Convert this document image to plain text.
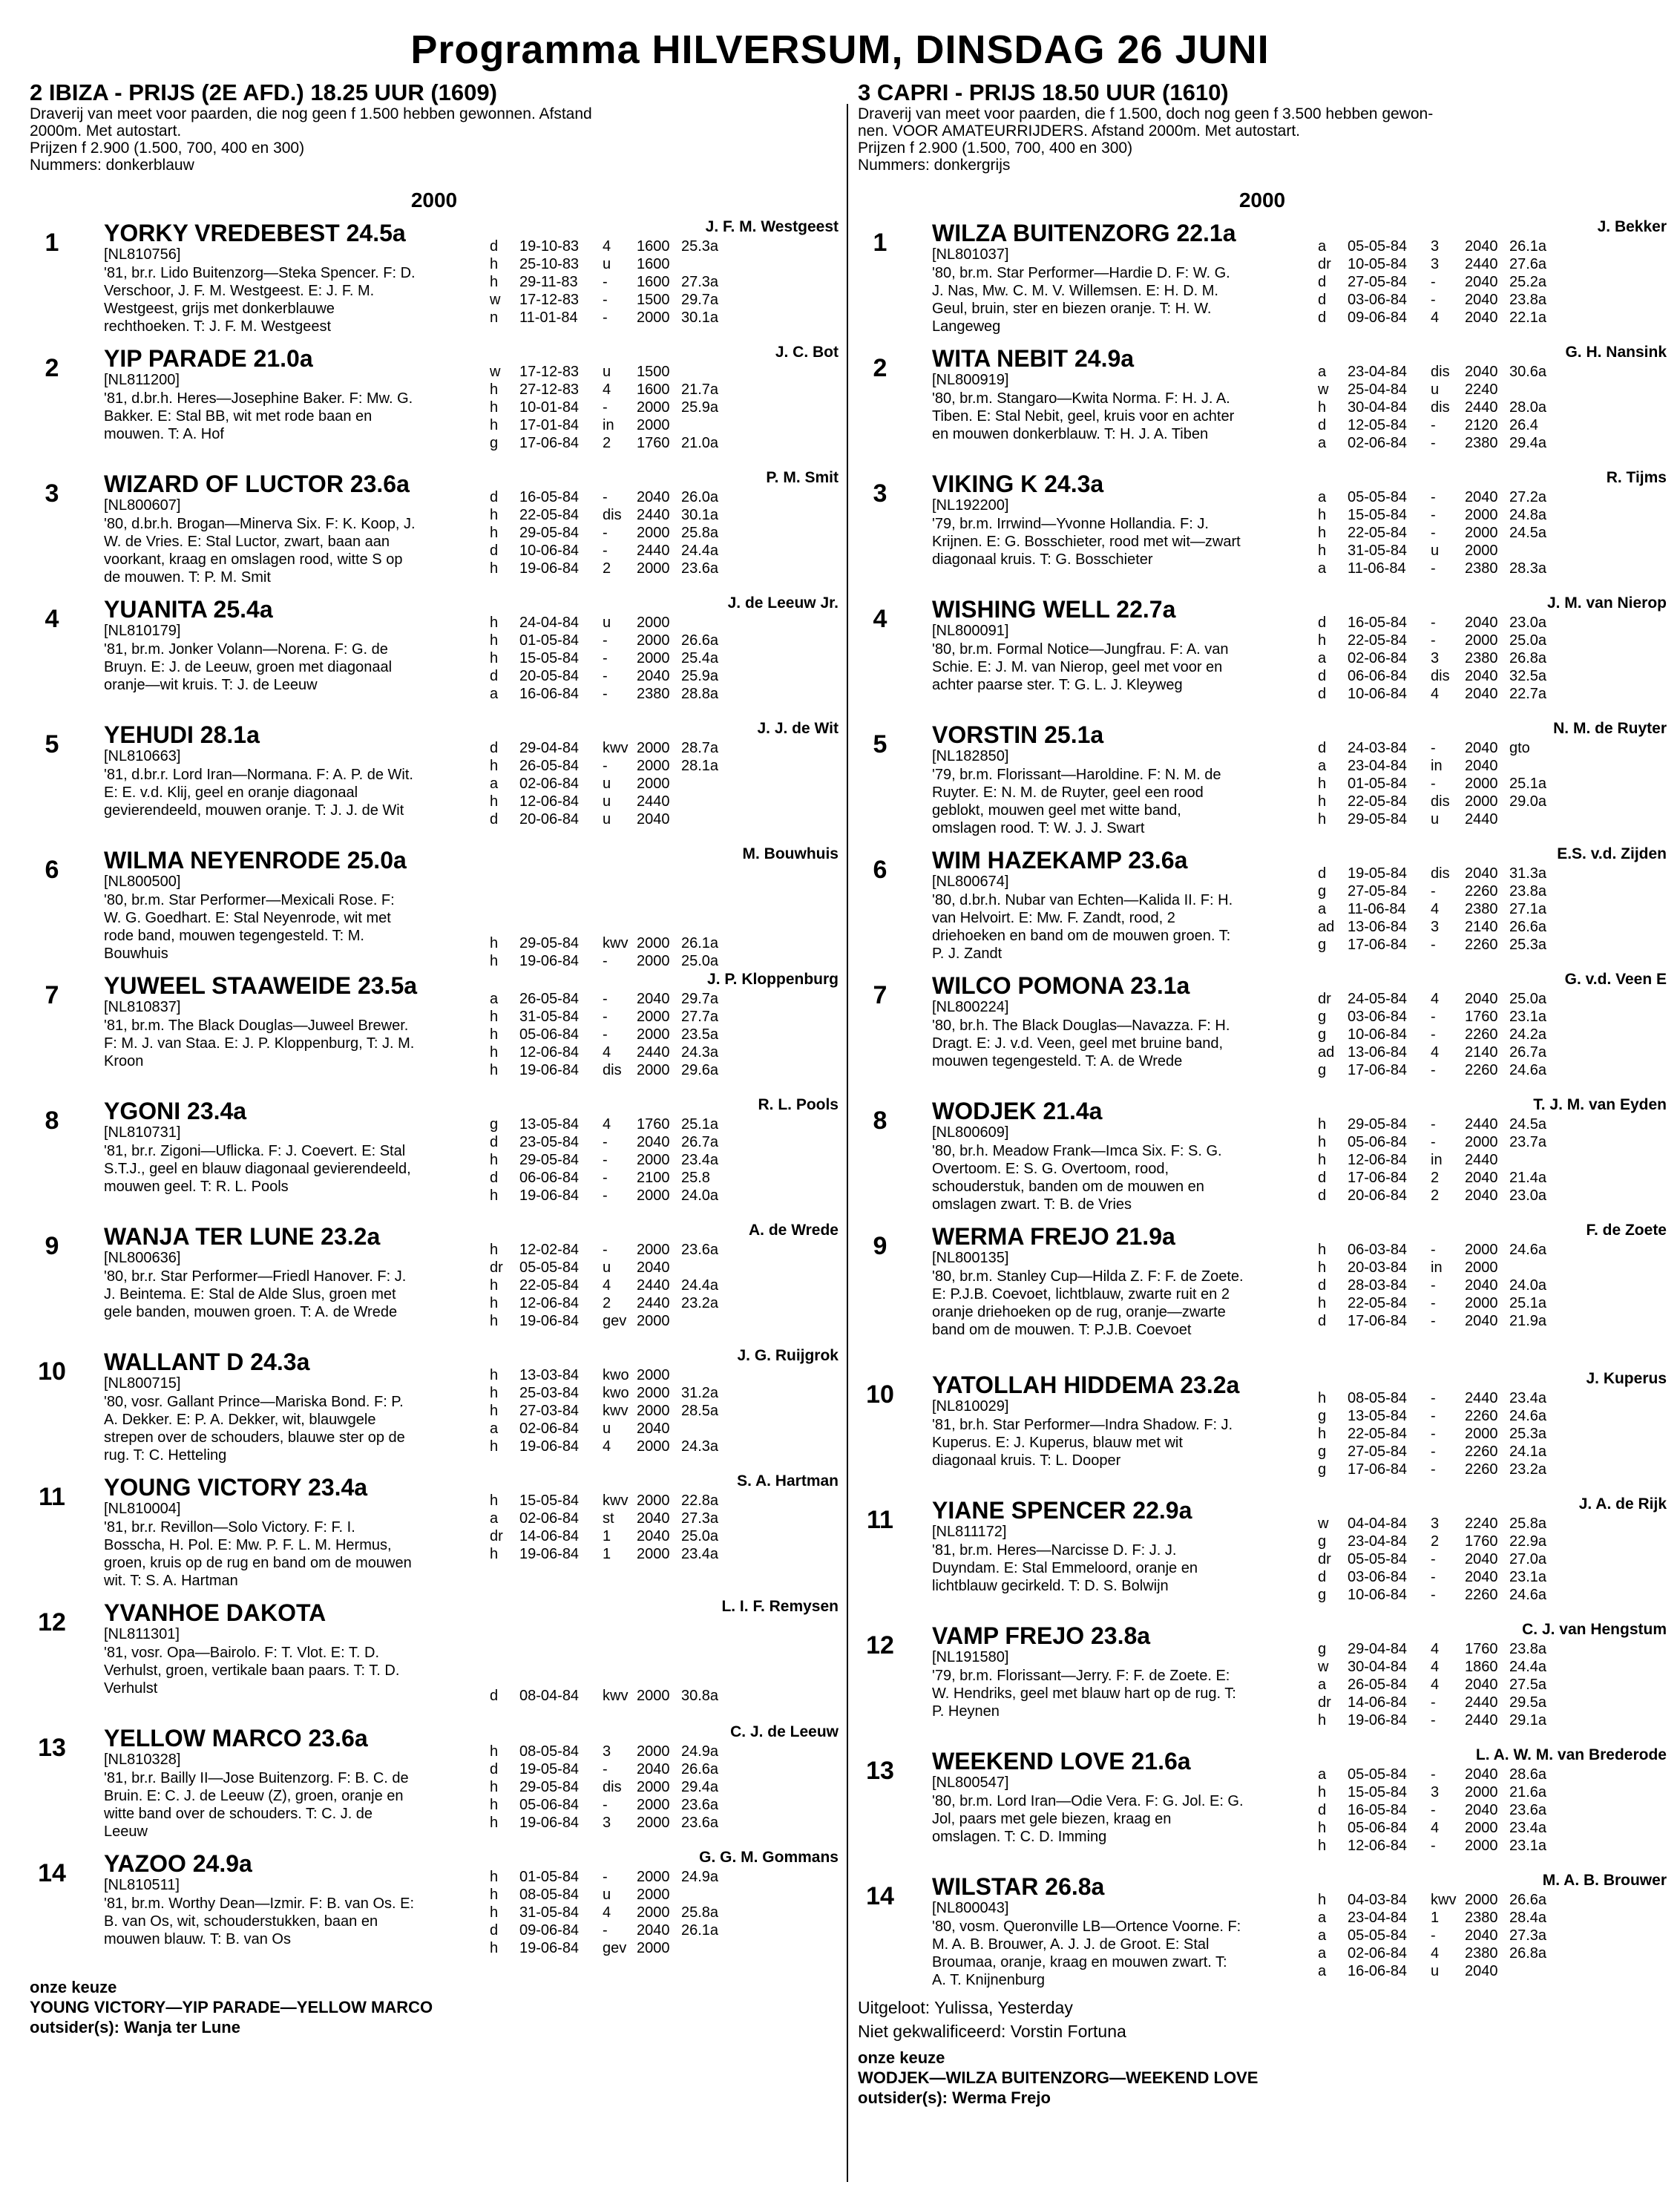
Programma HILVERSUM, DINSDAG 26 JUNI
2 IBIZA - PRIJS (2E AFD.) 18.25 UUR (1609)
Draverij van meet voor paarden, die nog geen f 1.500 hebben gewonnen. Afstand
2000m. Met autostart.
Prijzen f 2.900 (1.500, 700, 400 en 300)
Nummers: donkerblauw
2000
1	YORKY VREDEBEST 24.5a
[NL810756]
'81, br.r. Lido Buitenzorg—Steka Spencer. F: D. Verschoor, J. F. M. Westgeest. E: J. F. M. Westgeest, grijs met donkerblauwe rechthoeken. T: J. F. M. Westgeest
J. F. M. Westgeest
d 19-10-83 4 1600 25.3a
h 25-10-83 u 1600
h 29-11-83 - 1600 27.3a
w 17-12-83 - 1500 29.7a
n 11-01-84 - 2000 30.1a
2	YIP PARADE 21.0a
[NL811200]
'81, d.br.h. Heres—Josephine Baker. F: Mw. G. Bakker. E: Stal BB, wit met rode baan en mouwen. T: A. Hof
J. C. Bot
w 17-12-83 u 1500
h 27-12-83 4 1600 21.7a
h 10-01-84 - 2000 25.9a
h 17-01-84 in 2000
g 17-06-84 2 1760 21.0a
3	WIZARD OF LUCTOR 23.6a
[NL800607]
'80, d.br.h. Brogan—Minerva Six. F: K. Koop, J. W. de Vries. E: Stal Luctor, zwart, baan aan voorkant, kraag en omslagen rood, witte S op de mouwen. T: P. M. Smit
P. M. Smit
d 16-05-84 - 2040 26.0a
h 22-05-84 dis 2440 30.1a
h 29-05-84 - 2000 25.8a
d 10-06-84 - 2440 24.4a
h 19-06-84 2 2000 23.6a
4	YUANITA 25.4a
[NL810179]
'81, br.m. Jonker Volann—Norena. F: G. de Bruyn. E: J. de Leeuw, groen met diagonaal oranje—wit kruis. T: J. de Leeuw
J. de Leeuw Jr.
h 24-04-84 u 2000
h 01-05-84 - 2000 26.6a
h 15-05-84 - 2000 25.4a
d 20-05-84 - 2040 25.9a
a 16-06-84 - 2380 28.8a
5	YEHUDI 28.1a
[NL810663]
'81, d.br.r. Lord Iran—Normana. F: A. P. de Wit. E: E. v.d. Klij, geel en oranje diagonaal gevierendeeld, mouwen oranje. T: J. J. de Wit
J. J. de Wit
d 29-04-84 kwv 2000 28.7a
h 26-05-84 - 2000 28.1a
a 02-06-84 u 2000
h 12-06-84 u 2440
d 20-06-84 u 2040
6	WILMA NEYENRODE 25.0a
[NL800500]
'80, br.m. Star Performer—Mexicali Rose. F: W. G. Goedhart. E: Stal Neyenrode, wit met rode band, mouwen tegengesteld. T: M. Bouwhuis
M. Bouwhuis
h 29-05-84 kwv 2000 26.1a
h 19-06-84 - 2000 25.0a
7	YUWEEL STAAWEIDE 23.5a
[NL810837]
'81, br.m. The Black Douglas—Juweel Brewer. F: M. J. van Staa. E: J. P. Kloppenburg, T: J. M. Kroon
J. P. Kloppenburg
a 26-05-84 - 2040 29.7a
h 31-05-84 - 2000 27.7a
h 05-06-84 - 2000 23.5a
h 12-06-84 4 2440 24.3a
h 19-06-84 dis 2000 29.6a
8	YGONI 23.4a
[NL810731]
'81, br.r. Zigoni—Uflicka. F: J. Coevert. E: Stal S.T.J., geel en blauw diagonaal gevierendeeld, mouwen geel. T: R. L. Pools
R. L. Pools
g 13-05-84 4 1760 25.1a
d 23-05-84 - 2040 26.7a
h 29-05-84 - 2000 23.4a
d 06-06-84 - 2100 25.8
h 19-06-84 - 2000 24.0a
9	WANJA TER LUNE 23.2a
[NL800636]
'80, br.r. Star Performer—Friedl Hanover. F: J. J. Beintema. E: Stal de Alde Slus, groen met gele banden, mouwen groen. T: A. de Wrede
A. de Wrede
h 12-02-84 - 2000 23.6a
dr 05-05-84 u 2040
h 22-05-84 4 2440 24.4a
h 12-06-84 2 2440 23.2a
h 19-06-84 gev 2000
10	WALLANT D 24.3a
[NL800715]
'80, vosr. Gallant Prince—Mariska Bond. F: P. A. Dekker. E: P. A. Dekker, wit, blauwgele strepen over de schouders, blauwe ster op de rug. T: C. Hetteling
J. G. Ruijgrok
h 13-03-84 kwo 2000
h 25-03-84 kwo 2000 31.2a
h 27-03-84 kwv 2000 28.5a
a 02-06-84 u 2040
h 19-06-84 4 2000 24.3a
11	YOUNG VICTORY 23.4a
[NL810004]
'81, br.r. Revillon—Solo Victory. F: F. I. Bosscha, H. Pol. E: Mw. P. F. L. M. Hermus, groen, kruis op de rug en band om de mouwen wit. T: S. A. Hartman
S. A. Hartman
h 15-05-84 kwv 2000 22.8a
a 02-06-84 st 2040 27.3a
dr 14-06-84 1 2040 25.0a
h 19-06-84 1 2000 23.4a
12	YVANHOE DAKOTA
[NL811301]
'81, vosr. Opa—Bairolo. F: T. Vlot. E: T. D. Verhulst, groen, vertikale baan paars. T: T. D. Verhulst
L. I. F. Remysen
d 08-04-84 kwv 2000 30.8a
13	YELLOW MARCO 23.6a
[NL810328]
'81, br.r. Bailly II—Jose Buitenzorg. F: B. C. de Bruin. E: C. J. de Leeuw (Z), groen, oranje en witte band over de schouders. T: C. J. de Leeuw
C. J. de Leeuw
h 08-05-84 3 2000 24.9a
d 19-05-84 - 2040 26.6a
h 29-05-84 dis 2000 29.4a
h 05-06-84 - 2000 23.6a
h 19-06-84 3 2000 23.6a
14	YAZOO 24.9a
[NL810511]
'81, br.m. Worthy Dean—Izmir. F: B. van Os. E: B. van Os, wit, schouderstukken, baan en mouwen blauw. T: B. van Os
G. G. M. Gommans
h 01-05-84 - 2000 24.9a
h 08-05-84 u 2000
h 31-05-84 4 2000 25.8a
d 09-06-84 - 2040 26.1a
h 19-06-84 gev 2000
onze keuze
YOUNG VICTORY—YIP PARADE—YELLOW MARCO
outsider(s): Wanja ter Lune
3 CAPRI - PRIJS 18.50 UUR (1610)
Draverij van meet voor paarden, die f 1.500, doch nog geen f 3.500 hebben gewon-
nen. VOOR AMATEURRIJDERS. Afstand 2000m. Met autostart.
Prijzen f 2.900 (1.500, 700, 400 en 300)
Nummers: donkergrijs
2000
1	WILZA BUITENZORG 22.1a
[NL801037]
'80, br.m. Star Performer—Hardie D. F: W. G. J. Nas, Mw. C. M. V. Willemsen. E: H. D. M. Geul, bruin, ster en biezen oranje. T: H. W. Langeweg
J. Bekker
a 05-05-84 3 2040 26.1a
dr 10-05-84 3 2440 27.6a
d 27-05-84 - 2040 25.2a
d 03-06-84 - 2040 23.8a
d 09-06-84 4 2040 22.1a
2	WITA NEBIT 24.9a
[NL800919]
'80, br.m. Stangaro—Kwita Norma. F: H. J. A. Tiben. E: Stal Nebit, geel, kruis voor en achter en mouwen donkerblauw. T: H. J. A. Tiben
G. H. Nansink
a 23-04-84 dis 2040 30.6a
w 25-04-84 u 2240
h 30-04-84 dis 2440 28.0a
d 12-05-84 - 2120 26.4
a 02-06-84 - 2380 29.4a
3	VIKING K 24.3a
[NL192200]
'79, br.m. Irrwind—Yvonne Hollandia. F: J. Krijnen. E: G. Bosschieter, rood met wit—zwart diagonaal kruis. T: G. Bosschieter
R. Tijms
a 05-05-84 - 2040 27.2a
h 15-05-84 - 2000 24.8a
h 22-05-84 - 2000 24.5a
h 31-05-84 u 2000
a 11-06-84 - 2380 28.3a
4	WISHING WELL 22.7a
[NL800091]
'80, br.m. Formal Notice—Jungfrau. F: A. van Schie. E: J. M. van Nierop, geel met voor en achter paarse ster. T: G. L. J. Kleyweg
J. M. van Nierop
d 16-05-84 - 2040 23.0a
h 22-05-84 - 2000 25.0a
a 02-06-84 3 2380 26.8a
d 06-06-84 dis 2040 32.5a
d 10-06-84 4 2040 22.7a
5	VORSTIN 25.1a
[NL182850]
'79, br.m. Florissant—Haroldine. F: N. M. de Ruyter. E: N. M. de Ruyter, geel een rood geblokt, mouwen geel met witte band, omslagen rood. T: W. J. J. Swart
N. M. de Ruyter
d 24-03-84 - 2040 gto
a 23-04-84 in 2040
h 01-05-84 - 2000 25.1a
h 22-05-84 dis 2000 29.0a
h 29-05-84 u 2440
6	WIM HAZEKAMP 23.6a
[NL800674]
'80, d.br.h. Nubar van Echten—Kalida II. F: H. van Helvoirt. E: Mw. F. Zandt, rood, 2 driehoeken en band om de mouwen groen. T: P. J. Zandt
E.S. v.d. Zijden
d 19-05-84 dis 2040 31.3a
g 27-05-84 - 2260 23.8a
a 11-06-84 4 2380 27.1a
ad 13-06-84 3 2140 26.6a
g 17-06-84 - 2260 25.3a
7	WILCO POMONA 23.1a
[NL800224]
'80, br.h. The Black Douglas—Navazza. F: H. Dragt. E: J. v.d. Veen, geel met bruine band, mouwen tegengesteld. T: A. de Wrede
G. v.d. Veen E
dr 24-05-84 4 2040 25.0a
g 03-06-84 - 1760 23.1a
g 10-06-84 - 2260 24.2a
ad 13-06-84 4 2140 26.7a
g 17-06-84 - 2260 24.6a
8	WODJEK 21.4a
[NL800609]
'80, br.h. Meadow Frank—Imca Six. F: S. G. Overtoom. E: S. G. Overtoom, rood, schouderstuk, banden om de mouwen en omslagen zwart. T: B. de Vries
T. J. M. van Eyden
h 29-05-84 - 2440 24.5a
h 05-06-84 - 2000 23.7a
h 12-06-84 in 2440
d 17-06-84 2 2040 21.4a
d 20-06-84 2 2040 23.0a
9	WERMA FREJO 21.9a
[NL800135]
'80, br.m. Stanley Cup—Hilda Z. F: F. de Zoete. E: P.J.B. Coevoet, lichtblauw, zwarte ruit en 2 oranje driehoeken op de rug, oranje—zwarte band om de mouwen. T: P.J.B. Coevoet
F. de Zoete
h 06-03-84 - 2000 24.6a
h 20-03-84 in 2000
d 28-03-84 - 2040 24.0a
h 22-05-84 - 2000 25.1a
d 17-06-84 - 2040 21.9a
10	YATOLLAH HIDDEMA 23.2a
[NL810029]
'81, br.h. Star Performer—Indra Shadow. F: J. Kuperus. E: J. Kuperus, blauw met wit diagonaal kruis. T: L. Dooper
J. Kuperus
h 08-05-84 - 2440 23.4a
g 13-05-84 - 2260 24.6a
h 22-05-84 - 2000 25.3a
g 27-05-84 - 2260 24.1a
g 17-06-84 - 2260 23.2a
11	YIANE SPENCER 22.9a
[NL811172]
'81, br.m. Heres—Narcisse D. F: J. J. Duyndam. E: Stal Emmeloord, oranje en lichtblauw gecirkeld. T: D. S. Bolwijn
J. A. de Rijk
w 04-04-84 3 2240 25.8a
g 23-04-84 2 1760 22.9a
dr 05-05-84 - 2040 27.0a
d 03-06-84 - 2040 23.1a
g 10-06-84 - 2260 24.6a
12	VAMP FREJO 23.8a
[NL191580]
'79, br.m. Florissant—Jerry. F: F. de Zoete. E: W. Hendriks, geel met blauw hart op de rug. T: P. Heynen
C. J. van Hengstum
g 29-04-84 4 1760 23.8a
w 30-04-84 4 1860 24.4a
a 26-05-84 4 2040 27.5a
dr 14-06-84 - 2440 29.5a
h 19-06-84 - 2440 29.1a
13	WEEKEND LOVE 21.6a
[NL800547]
'80, br.m. Lord Iran—Odie Vera. F: G. Jol. E: G. Jol, paars met gele biezen, kraag en omslagen. T: C. D. Imming
L. A. W. M. van Brederode
a 05-05-84 - 2040 28.6a
h 15-05-84 3 2000 21.6a
d 16-05-84 - 2040 23.6a
h 05-06-84 4 2000 23.4a
h 12-06-84 - 2000 23.1a
14	WILSTAR 26.8a
[NL800043]
'80, vosm. Queronville LB—Ortence Voorne. F: M. A. B. Brouwer, A. J. J. de Groot. E: Stal Broumaa, oranje, kraag en mouwen zwart. T: A. T. Knijnenburg
M. A. B. Brouwer
h 04-03-84 kwv 2000 26.6a
a 23-04-84 1 2380 28.4a
a 05-05-84 - 2040 27.3a
a 02-06-84 4 2380 26.8a
a 16-06-84 u 2040
Uitgeloot: Yulissa, Yesterday
Niet gekwalificeerd: Vorstin Fortuna
onze keuze
WODJEK—WILZA BUITENZORG—WEEKEND LOVE
outsider(s): Werma Frejo
